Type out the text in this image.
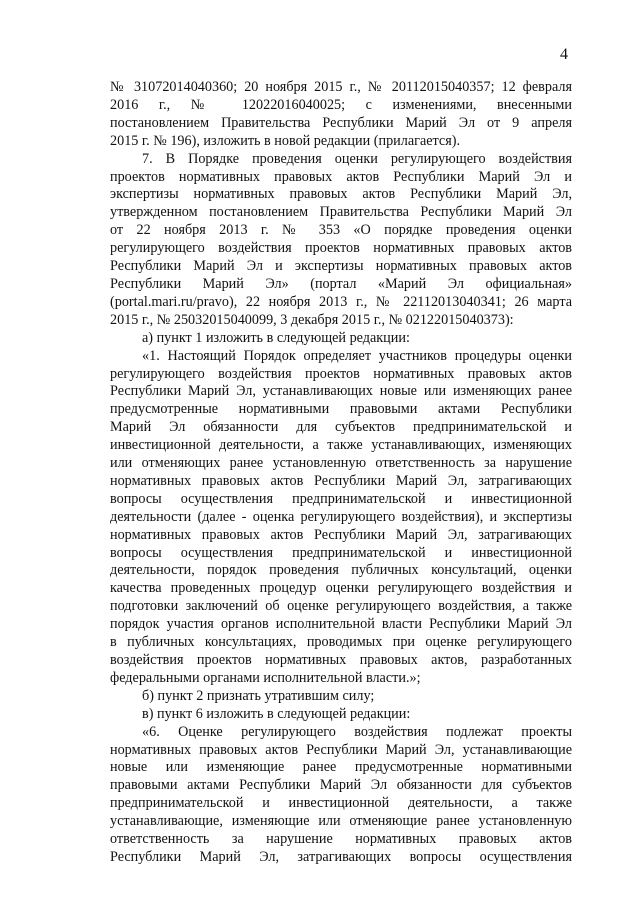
4
№ 31072014040360; 20 ноября 2015 г., № 20112015040357; 12 февраля
2016 г., № 12022016040025; с изменениями, внесенными
постановлением Правительства Республики Марий Эл от 9 апреля
2015 г. № 196), изложить в новой редакции (прилагается).
7. В Порядке проведения оценки регулирующего воздействия
проектов нормативных правовых актов Республики Марий Эл и
экспертизы нормативных правовых актов Республики Марий Эл,
утвержденном постановлением Правительства Республики Марий Эл
от 22 ноября 2013 г. № 353 «О порядке проведения оценки
регулирующего воздействия проектов нормативных правовых актов
Республики Марий Эл и экспертизы нормативных правовых актов
Республики Марий Эл» (портал «Марий Эл официальная»
(portal.mari.ru/pravo), 22 ноября 2013 г., № 22112013040341; 26 марта
2015 г., № 25032015040099, 3 декабря 2015 г., № 02122015040373):
а) пункт 1 изложить в следующей редакции:
«1. Настоящий Порядок определяет участников процедуры оценки
регулирующего воздействия проектов нормативных правовых актов
Республики Марий Эл, устанавливающих новые или изменяющих ранее
предусмотренные нормативными правовыми актами Республики
Марий Эл обязанности для субъектов предпринимательской и
инвестиционной деятельности, а также устанавливающих, изменяющих
или отменяющих ранее установленную ответственность за нарушение
нормативных правовых актов Республики Марий Эл, затрагивающих
вопросы осуществления предпринимательской и инвестиционной
деятельности (далее - оценка регулирующего воздействия), и экспертизы
нормативных правовых актов Республики Марий Эл, затрагивающих
вопросы осуществления предпринимательской и инвестиционной
деятельности, порядок проведения публичных консультаций, оценки
качества проведенных процедур оценки регулирующего воздействия и
подготовки заключений об оценке регулирующего воздействия, а также
порядок участия органов исполнительной власти Республики Марий Эл
в публичных консультациях, проводимых при оценке регулирующего
воздействия проектов нормативных правовых актов, разработанных
федеральными органами исполнительной власти.»;
б) пункт 2 признать утратившим силу;
в) пункт 6 изложить в следующей редакции:
«6. Оценке регулирующего воздействия подлежат проекты
нормативных правовых актов Республики Марий Эл, устанавливающие
новые или изменяющие ранее предусмотренные нормативными
правовыми актами Республики Марий Эл обязанности для субъектов
предпринимательской и инвестиционной деятельности, а также
устанавливающие, изменяющие или отменяющие ранее установленную
ответственность за нарушение нормативных правовых актов
Республики Марий Эл, затрагивающих вопросы осуществления
